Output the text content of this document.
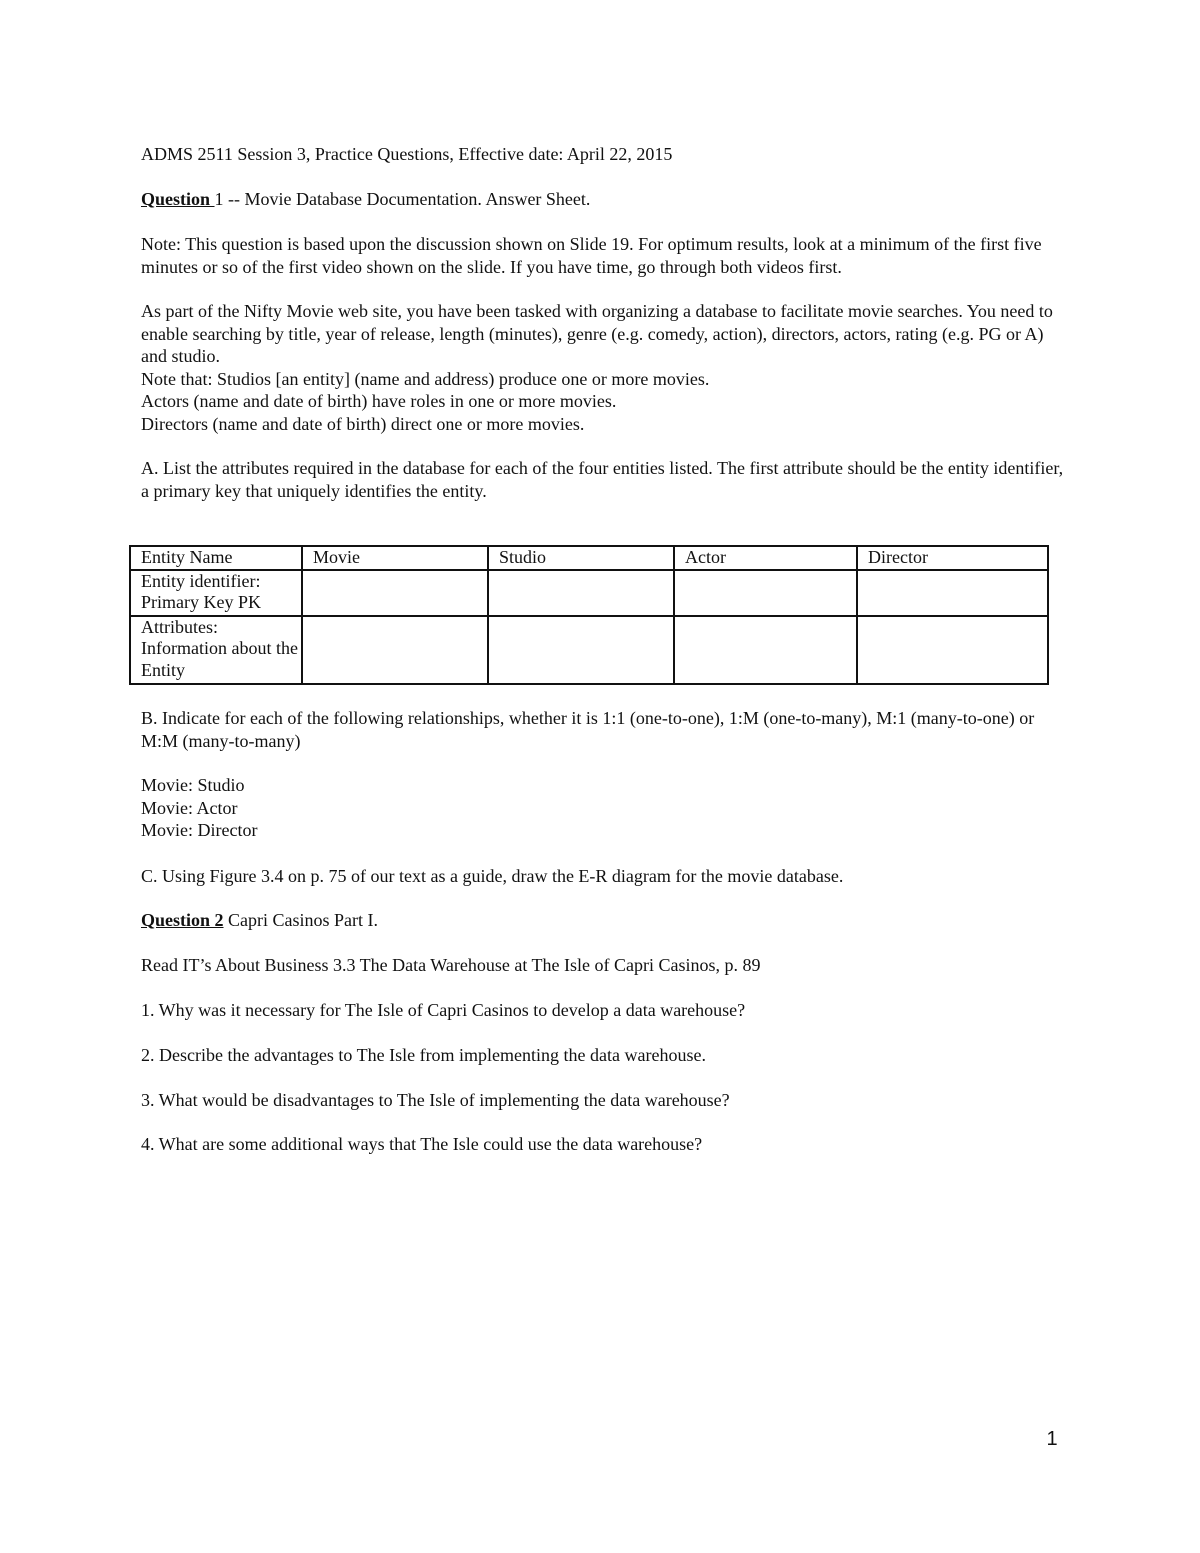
ADMS 2511 Session 3, Practice Questions, Effective date: April 22, 2015

Question 1 -- Movie Database Documentation. Answer Sheet.

Note: This question is based upon the discussion shown on Slide 19. For optimum results, look at a minimum of the first five minutes or so of the first video shown on the slide. If you have time, go through both videos first.

As part of the Nifty Movie web site, you have been tasked with organizing a database to facilitate movie searches. You need to enable searching by title, year of release, length (minutes), genre (e.g. comedy, action), directors, actors, rating (e.g. PG or A) and studio.

Note that: Studios [an entity] (name and address) produce one or more movies.

Actors (name and date of birth) have roles in one or more movies.

Directors (name and date of birth) direct one or more movies.

A. List the attributes required in the database for each of the four entities listed. The first attribute should be the entity identifier, a primary key that uniquely identifies the entity.

Entity Name	Movie	Studio	Actor	Director
Entity identifier: Primary Key PK				
Attributes: Information about the Entity				

B. Indicate for each of the following relationships, whether it is 1:1 (one-to-one), 1:M (one-to-many), M:1 (many-to-one) or M:M (many-to-many)

Movie: Studio

Movie: Actor

Movie: Director

C. Using Figure 3.4 on p. 75 of our text as a guide, draw the E-R diagram for the movie database.

Question 2 Capri Casinos Part I.

Read IT’s About Business 3.3 The Data Warehouse at The Isle of Capri Casinos, p. 89

1. Why was it necessary for The Isle of Capri Casinos to develop a data warehouse?

2. Describe the advantages to The Isle from implementing the data warehouse.

3. What would be disadvantages to The Isle of implementing the data warehouse?

4. What are some additional ways that The Isle could use the data warehouse?

1
